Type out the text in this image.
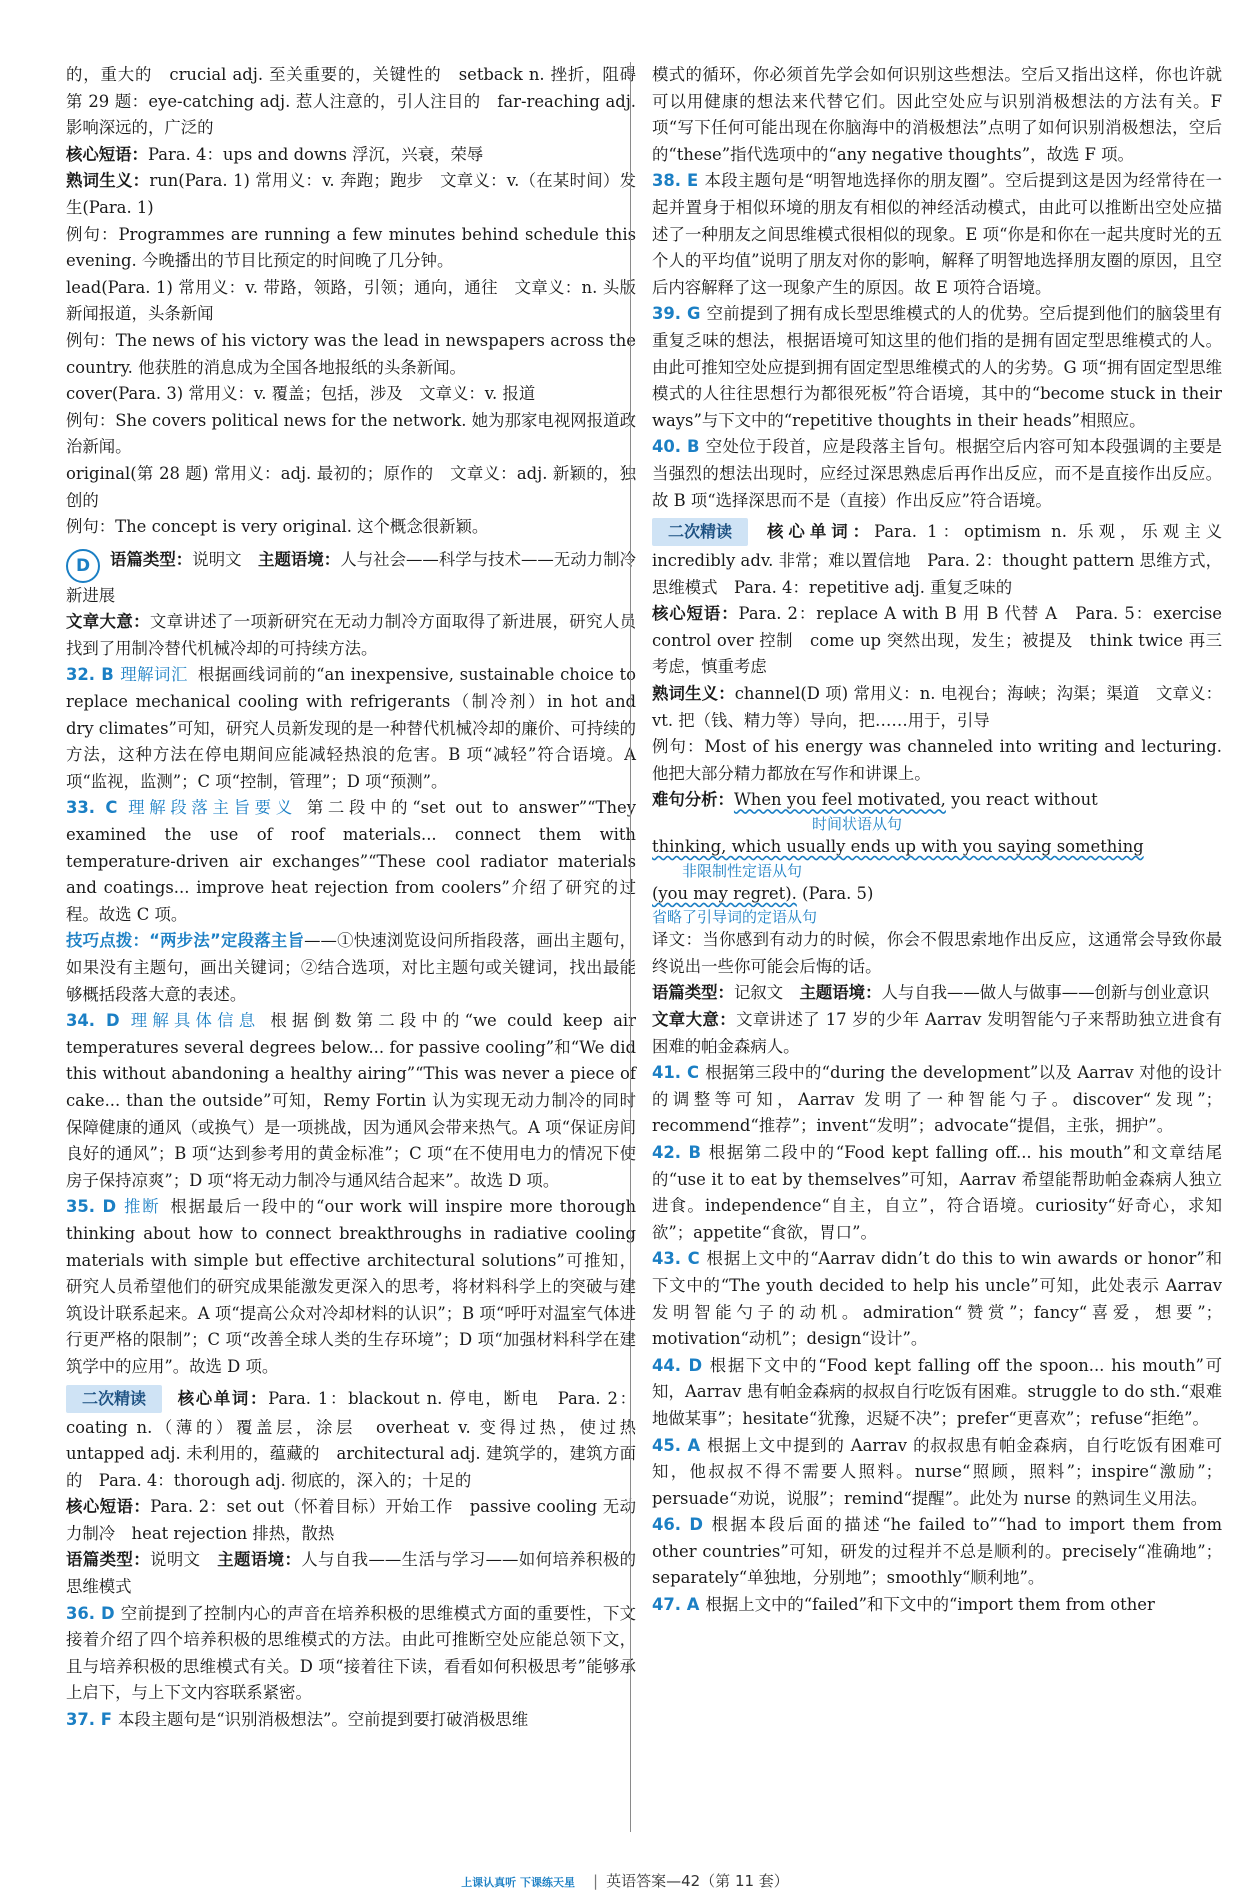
的，重大的　crucial adj. 至关重要的，关键性的　setback n. 挫折，阻碍　第 29 题：eye-catching adj. 惹人注意的，引人注目的　far-reaching adj. 影响深远的，广泛的

核心短语：Para. 4：ups and downs 浮沉，兴衰，荣辱

熟词生义：run(Para. 1) 常用义：v. 奔跑；跑步　文章义：v.（在某时间）发生(Para. 1)

例句：Programmes are running a few minutes behind schedule this evening. 今晚播出的节目比预定的时间晚了几分钟。

lead(Para. 1) 常用义：v. 带路，领路，引领；通向，通往　文章义：n. 头版新闻报道，头条新闻

例句：The news of his victory was the lead in newspapers across the country. 他获胜的消息成为全国各地报纸的头条新闻。

cover(Para. 3) 常用义：v. 覆盖；包括，涉及　文章义：v. 报道

例句：She covers political news for the network. 她为那家电视网报道政治新闻。

original(第 28 题) 常用义：adj. 最初的；原作的　文章义：adj. 新颖的，独创的

例句：The concept is very original. 这个概念很新颖。

D 语篇类型：说明文　 主题语境：人与社会——科学与技术——无动力制冷新进展

文章大意：文章讲述了一项新研究在无动力制冷方面取得了新进展，研究人员找到了用制冷替代机械冷却的可持续方法。

32. B 理解词汇 根据画线词前的“an inexpensive, sustainable choice to replace mechanical cooling with refrigerants（制冷剂）in hot and dry climates”可知，研究人员新发现的是一种替代机械冷却的廉价、可持续的方法，这种方法在停电期间应能减轻热浪的危害。B 项“减轻”符合语境。A 项“监视，监测”；C 项“控制，管理”；D 项“预测”。

33. C 理解段落主旨要义 第二段中的“set out to answer”“They examined the use of roof materials... connect them with temperature-driven air exchanges”“These cool radiator materials and coatings... improve heat rejection from coolers”介绍了研究的过程。故选 C 项。

技巧点拨：“两步法”定段落主旨——①快速浏览设问所指段落，画出主题句，如果没有主题句，画出关键词；②结合选项，对比主题句或关键词，找出最能够概括段落大意的表述。

34. D 理解具体信息 根据倒数第二段中的“we could keep air temperatures several degrees below... for passive cooling”和“We did this without abandoning a healthy airing”“This was never a piece of cake... than the outside”可知，Remy Fortin 认为实现无动力制冷的同时保障健康的通风（或换气）是一项挑战，因为通风会带来热气。A 项“保证房间良好的通风”；B 项“达到参考用的黄金标准”；C 项“在不使用电力的情况下使房子保持凉爽”；D 项“将无动力制冷与通风结合起来”。故选 D 项。

35. D 推断 根据最后一段中的“our work will inspire more thorough thinking about how to connect breakthroughs in radiative cooling materials with simple but effective architectural solutions”可推知，研究人员希望他们的研究成果能激发更深入的思考，将材料科学上的突破与建筑设计联系起来。A 项“提高公众对冷却材料的认识”；B 项“呼吁对温室气体进行更严格的限制”；C 项“改善全球人类的生存环境”；D 项“加强材料科学在建筑学中的应用”。故选 D 项。

二次精读 核心单词：Para. 1：blackout n. 停电，断电　Para. 2：coating n.（薄的）覆盖层，涂层　overheat v. 变得过热，使过热　untapped adj. 未利用的，蕴藏的　architectural adj. 建筑学的，建筑方面的　Para. 4：thorough adj. 彻底的，深入的；十足的

核心短语：Para. 2：set out（怀着目标）开始工作　passive cooling 无动力制冷　heat rejection 排热，散热

语篇类型：说明文　 主题语境：人与自我——生活与学习——如何培养积极的思维模式

36. D 空前提到了控制内心的声音在培养积极的思维模式方面的重要性，下文接着介绍了四个培养积极的思维模式的方法。由此可推断空处应能总领下文，且与培养积极的思维模式有关。D 项“接着往下读，看看如何积极思考”能够承上启下，与上下文内容联系紧密。

37. F 本段主题句是“识别消极想法”。空前提到要打破消极思维

模式的循环，你必须首先学会如何识别这些想法。空后又指出这样，你也许就可以用健康的想法来代替它们。因此空处应与识别消极想法的方法有关。F 项“写下任何可能出现在你脑海中的消极想法”点明了如何识别消极想法，空后的“these”指代选项中的“any negative thoughts”，故选 F 项。

38. E 本段主题句是“明智地选择你的朋友圈”。空后提到这是因为经常待在一起并置身于相似环境的朋友有相似的神经活动模式，由此可以推断出空处应描述了一种朋友之间思维模式很相似的现象。E 项“你是和你在一起共度时光的五个人的平均值”说明了朋友对你的影响，解释了明智地选择朋友圈的原因，且空后内容解释了这一现象产生的原因。故 E 项符合语境。

39. G 空前提到了拥有成长型思维模式的人的优势。空后提到他们的脑袋里有重复乏味的想法，根据语境可知这里的他们指的是拥有固定型思维模式的人。由此可推知空处应提到拥有固定型思维模式的人的劣势。G 项“拥有固定型思维模式的人往往思想行为都很死板”符合语境，其中的“become stuck in their ways”与下文中的“repetitive thoughts in their heads”相照应。

40. B 空处位于段首，应是段落主旨句。根据空后内容可知本段强调的主要是当强烈的想法出现时，应经过深思熟虑后再作出反应，而不是直接作出反应。故 B 项“选择深思而不是（直接）作出反应”符合语境。

二次精读 核心单词：Para. 1：optimism n. 乐观，乐观主义　incredibly adv. 非常；难以置信地　Para. 2：thought pattern 思维方式，思维模式　Para. 4：repetitive adj. 重复乏味的

核心短语：Para. 2：replace A with B 用 B 代替 A　Para. 5：exercise control over 控制　come up 突然出现，发生；被提及　think twice 再三考虑，慎重考虑

熟词生义：channel(D 项) 常用义：n. 电视台；海峡；沟渠；渠道　文章义：vt. 把（钱、精力等）导向，把……用于，引导

例句：Most of his energy was channeled into writing and lecturing. 他把大部分精力都放在写作和讲课上。

难句分析：When you feel motivated, you react without
时间状语从句
thinking, which usually ends up with you saying something
非限制性定语从句
(you may regret). (Para. 5)
省略了引导词的定语从句

译文：当你感到有动力的时候，你会不假思索地作出反应，这通常会导致你最终说出一些你可能会后悔的话。

语篇类型：记叙文　 主题语境：人与自我——做人与做事——创新与创业意识

文章大意：文章讲述了 17 岁的少年 Aarrav 发明智能勺子来帮助独立进食有困难的帕金森病人。

41. C 根据第三段中的“during the development”以及 Aarrav 对他的设计的调整等可知，Aarrav 发明了一种智能勺子。discover“发现”；recommend“推荐”；invent“发明”；advocate“提倡，主张，拥护”。

42. B 根据第二段中的“Food kept falling off... his mouth”和文章结尾的“use it to eat by themselves”可知，Aarrav 希望能帮助帕金森病人独立进食。independence“自主，自立”，符合语境。curiosity“好奇心，求知欲”；appetite“食欲，胃口”。

43. C 根据上文中的“Aarrav didn’t do this to win awards or honor”和下文中的“The youth decided to help his uncle”可知，此处表示 Aarrav 发明智能勺子的动机。admiration“赞赏”；fancy“喜爱，想要”；motivation“动机”；design“设计”。

44. D 根据下文中的“Food kept falling off the spoon... his mouth”可知，Aarrav 患有帕金森病的叔叔自行吃饭有困难。struggle to do sth.“艰难地做某事”；hesitate“犹豫，迟疑不决”；prefer“更喜欢”；refuse“拒绝”。

45. A 根据上文中提到的 Aarrav 的叔叔患有帕金森病，自行吃饭有困难可知，他叔叔不得不需要人照料。nurse“照顾，照料”；inspire“激励”；persuade“劝说，说服”；remind“提醒”。此处为 nurse 的熟词生义用法。

46. D 根据本段后面的描述“he failed to”“had to import them from other countries”可知，研发的过程并不总是顺利的。precisely“准确地”；separately“单独地，分别地”；smoothly“顺利地”。

47. A 根据上文中的“failed”和下文中的“import them from other

上课认真听 下课练天星 | 英语答案—42（第 11 套）
